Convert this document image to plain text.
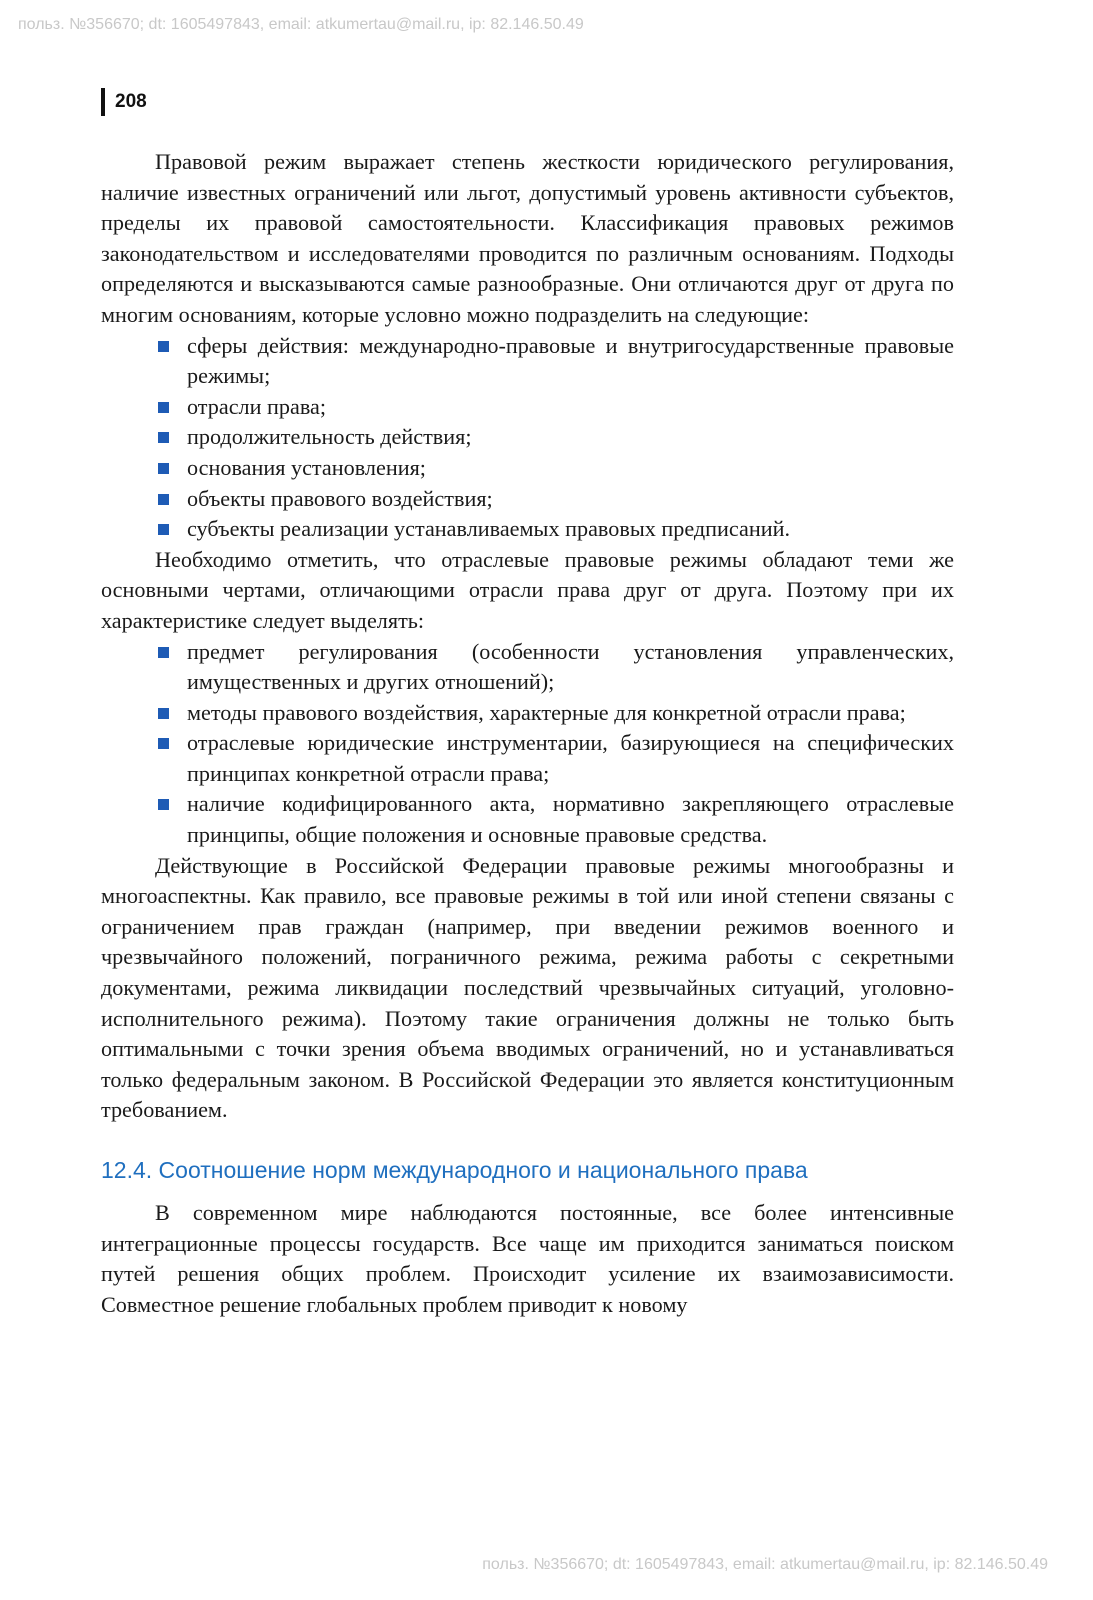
польз. №356670; dt: 1605497843, email: atkumertau@mail.ru, ip: 82.146.50.49
208

Правовой режим выражает степень жесткости юридического регулирования, наличие известных ограничений или льгот, допустимый уровень активности субъектов, пределы их правовой самостоятельности. Классификация правовых режимов законодательством и исследователями проводится по различным основаниям. Подходы определяются и высказываются самые разнообразные. Они отличаются друг от друга по многим основаниям, которые условно можно подразделить на следующие:

сферы действия: международно-правовые и внутригосударственные правовые режимы;
отрасли права;
продолжительность действия;
основания установления;
объекты правового воздействия;
субъекты реализации устанавливаемых правовых предписаний.

Необходимо отметить, что отраслевые правовые режимы обладают теми же основными чертами, отличающими отрасли права друг от друга. Поэтому при их характеристике следует выделять:

предмет регулирования (особенности установления управленческих, имущественных и других отношений);
методы правового воздействия, характерные для конкретной отрасли права;
отраслевые юридические инструментарии, базирующиеся на специфических принципах конкретной отрасли права;
наличие кодифицированного акта, нормативно закрепляющего отраслевые принципы, общие положения и основные правовые средства.

Действующие в Российской Федерации правовые режимы многообразны и многоаспектны. Как правило, все правовые режимы в той или иной степени связаны с ограничением прав граждан (например, при введении режимов военного и чрезвычайного положений, пограничного режима, режима работы с секретными документами, режима ликвидации последствий чрезвычайных ситуаций, уголовно-исполнительного режима). Поэтому такие ограничения должны не только быть оптимальными с точки зрения объема вводимых ограничений, но и устанавливаться только федеральным законом. В Российской Федерации это является конституционным требованием.

12.4. Соотношение норм международного и национального права

В современном мире наблюдаются постоянные, все более интенсивные интеграционные процессы государств. Все чаще им приходится заниматься поиском путей решения общих проблем. Происходит усиление их взаимозависимости. Совместное решение глобальных проблем приводит к новому

польз. №356670; dt: 1605497843, email: atkumertau@mail.ru, ip: 82.146.50.49
